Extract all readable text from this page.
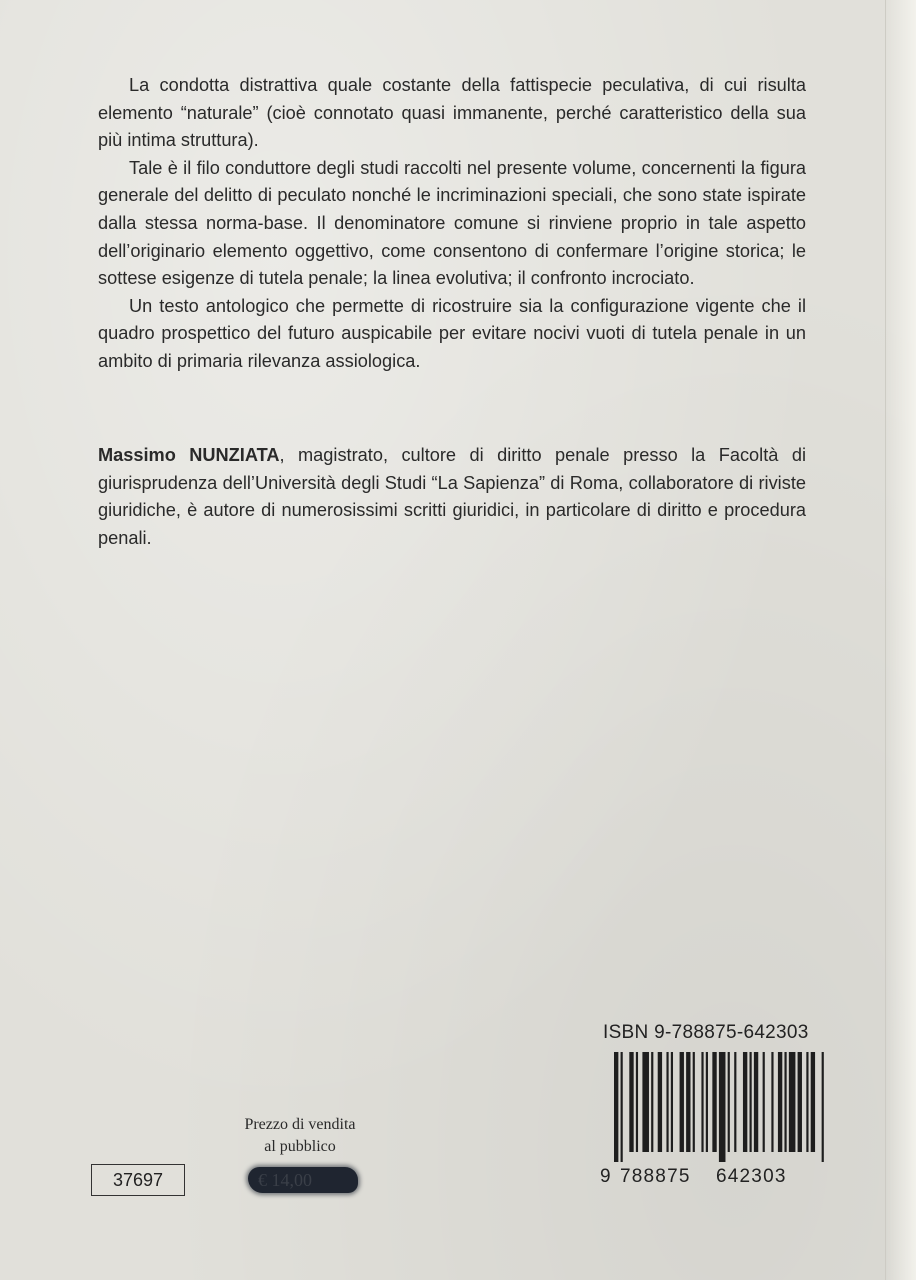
La condotta distrattiva quale costante della fattispecie peculativa, di cui risulta elemento “naturale” (cioè connotato quasi immanente, perché caratteristico della sua più intima struttura).

Tale è il filo conduttore degli studi raccolti nel presente volume, concernenti la figura generale del delitto di peculato nonché le incriminazioni speciali, che sono state ispirate dalla stessa norma-base. Il denominatore comune si rinviene proprio in tale aspetto dell’originario elemento oggettivo, come consentono di confermare l’origine storica; le sottese esigenze di tutela penale; la linea evolutiva; il confronto incrociato.

Un testo antologico che permette di ricostruire sia la configurazione vigente che il quadro prospettico del futuro auspicabile per evitare nocivi vuoti di tutela penale in un ambito di primaria rilevanza assiologica.

Massimo NUNZIATA, magistrato, cultore di diritto penale presso la Facoltà di giurisprudenza dell’Università degli Studi “La Sapienza” di Roma, collaboratore di riviste giuridiche, è autore di numerosissimi scritti giuridici, in particolare di diritto e procedura penali.

ISBN 9-788875-642303
9 788875 642303
Prezzo di vendita
al pubblico
€ 14,00
37697
